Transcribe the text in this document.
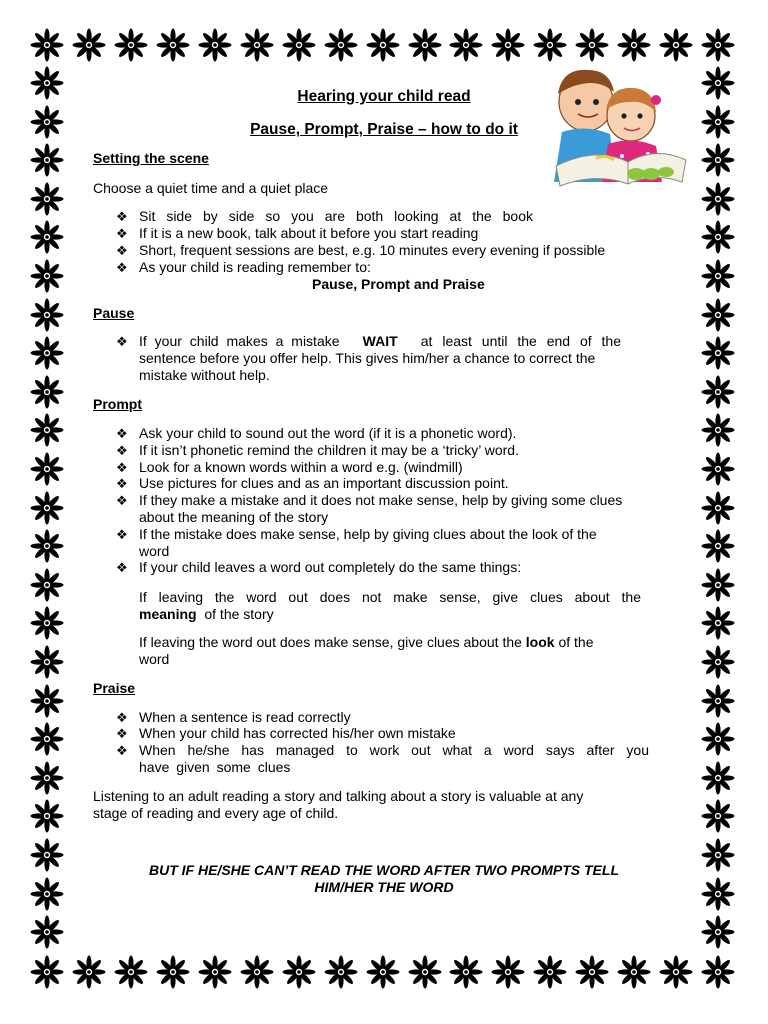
Hearing your child read
Pause, Prompt, Praise – how to do it
Setting the scene
Choose a quiet time and a quiet place
❖ Sit side by side so you are both looking at the book
❖ If it is a new book, talk about it before you start reading
❖ Short, frequent sessions are best, e.g. 10 minutes every evening if possible
❖ As your child is reading remember to:
Pause, Prompt and Praise
Pause
❖ If your child makes a mistake WAIT at least until the end of the
sentence before you offer help. This gives him/her a chance to correct the
mistake without help.
Prompt
❖ Ask your child to sound out the word (if it is a phonetic word).
❖ If it isn’t phonetic remind the children it may be a ‘tricky’ word.
❖ Look for a known words within a word e.g. (windmill)
❖ Use pictures for clues and as an important discussion point.
❖ If they make a mistake and it does not make sense, help by giving some clues
about the meaning of the story
❖ If the mistake does make sense, help by giving clues about the look of the
word
❖ If your child leaves a word out completely do the same things:
If leaving the word out does not make sense, give clues about the
meaning of the story
If leaving the word out does make sense, give clues about the look of the
word
Praise
❖ When a sentence is read correctly
❖ When your child has corrected his/her own mistake
❖ When he/she has managed to work out what a word says after you
have given some clues
Listening to an adult reading a story and talking about a story is valuable at any
stage of reading and every age of child.
BUT IF HE/SHE CAN’T READ THE WORD AFTER TWO PROMPTS TELL
HIM/HER THE WORD
